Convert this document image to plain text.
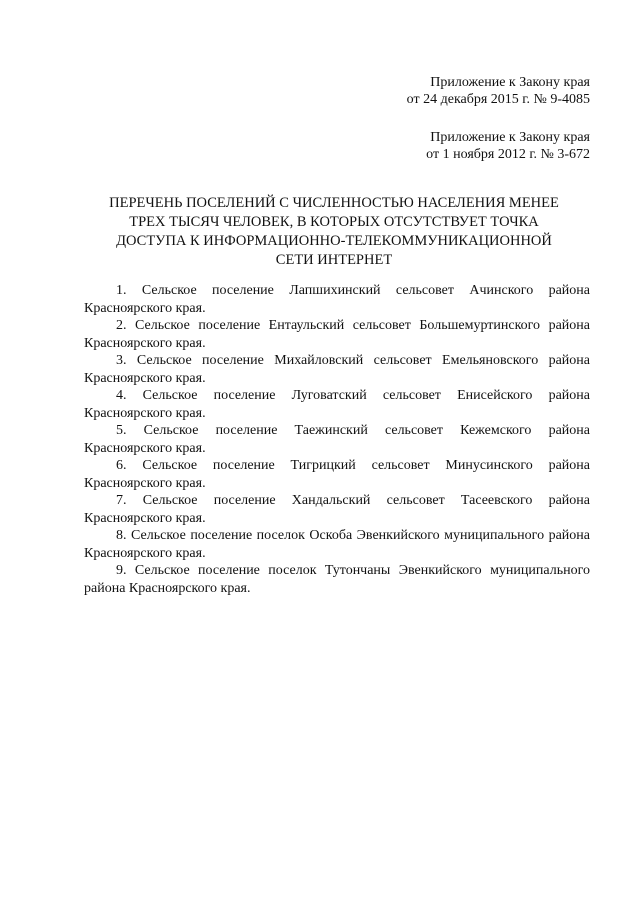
Приложение к Закону края
от 24 декабря 2015 г. № 9-4085
Приложение к Закону края
от 1 ноября 2012 г. № 3-672
ПЕРЕЧЕНЬ ПОСЕЛЕНИЙ С ЧИСЛЕННОСТЬЮ НАСЕЛЕНИЯ МЕНЕЕ
ТРЕХ ТЫСЯЧ ЧЕЛОВЕК, В КОТОРЫХ ОТСУТСТВУЕТ ТОЧКА
ДОСТУПА К ИНФОРМАЦИОННО-ТЕЛЕКОММУНИКАЦИОННОЙ
СЕТИ ИНТЕРНЕТ

1. Сельское поселение Лапшихинский сельсовет Ачинского района Красноярского края.

2. Сельское поселение Ентаульский сельсовет Большемуртинского района Красноярского края.

3. Сельское поселение Михайловский сельсовет Емельяновского района Красноярского края.

4. Сельское поселение Луговатский сельсовет Енисейского района Красноярского края.

5. Сельское поселение Таежинский сельсовет Кежемского района Красноярского края.

6. Сельское поселение Тигрицкий сельсовет Минусинского района Красноярского края.

7. Сельское поселение Хандальский сельсовет Тасеевского района Красноярского края.

8. Сельское поселение поселок Оскоба Эвенкийского муниципального района Красноярского края.

9. Сельское поселение поселок Тутончаны Эвенкийского муниципального района Красноярского края.
